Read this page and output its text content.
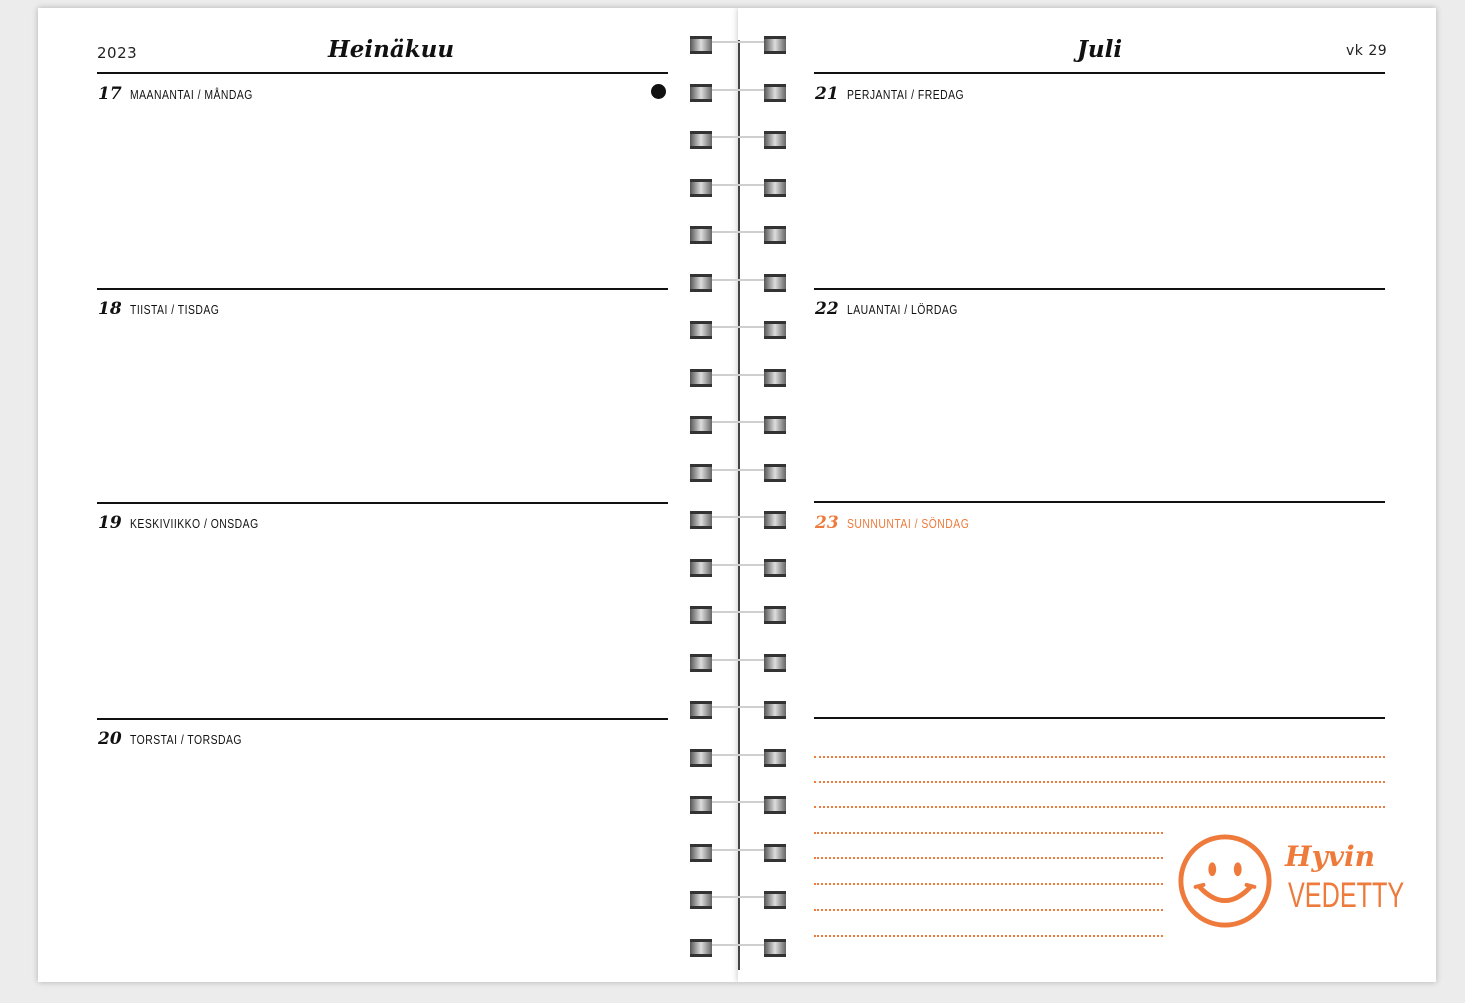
2023	Heinäkuu	Juli	vk 29
17 MAANANTAI / MÅNDAG
18 TIISTAI / TISDAG
19 KESKIVIIKKO / ONSDAG
20 TORSTAI / TORSDAG
21 PERJANTAI / FREDAG
22 LAUANTAI / LÖRDAG
23 SUNNUNTAI / SÖNDAG
Hyvin
VEDETTY
